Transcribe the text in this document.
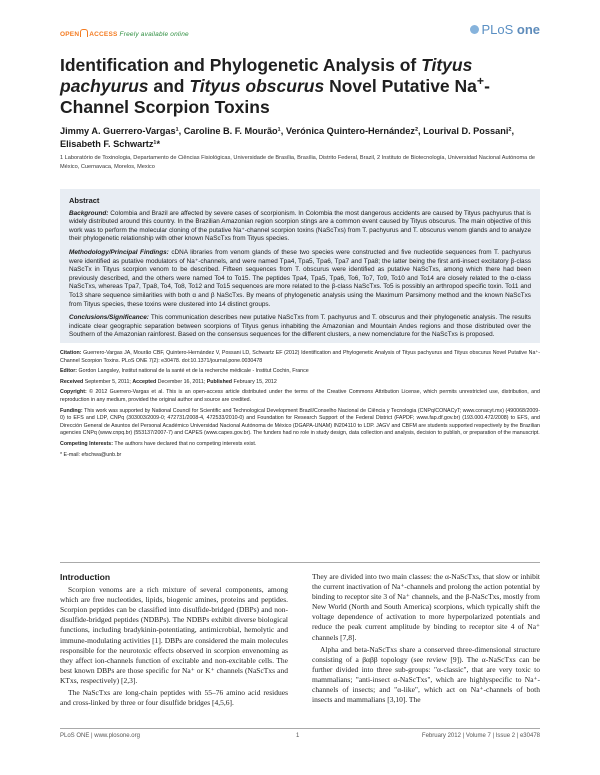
OPEN ACCESS Freely available online	PLoS one
Identification and Phylogenetic Analysis of Tityus pachyurus and Tityus obscurus Novel Putative Na+-Channel Scorpion Toxins
Jimmy A. Guerrero-Vargas¹, Caroline B. F. Mourão¹, Verónica Quintero-Hernández², Lourival D. Possani², Elisabeth F. Schwartz¹*
1 Laboratório de Toxinologia, Departamento de Ciências Fisiológicas, Universidade de Brasília, Brasília, Distrito Federal, Brazil, 2 Instituto de Biotecnología, Universidad Nacional Autónoma de México, Cuernavaca, Morelos, Mexico
Abstract

Background: Colombia and Brazil are affected by severe cases of scorpionism. In Colombia the most dangerous accidents are caused by Tityus pachyurus that is widely distributed around this country. In the Brazilian Amazonian region scorpion stings are a common event caused by Tityus obscurus. The main objective of this work was to perform the molecular cloning of the putative Na⁺-channel scorpion toxins (NaScTxs) from T. pachyurus and T. obscurus venom glands and to analyze their phylogenetic relationship with other known NaScTxs from Tityus species.

Methodology/Principal Findings: cDNA libraries from venom glands of these two species were constructed and five nucleotide sequences from T. pachyurus were identified as putative modulators of Na⁺-channels, and were named Tpa4, Tpa5, Tpa6, Tpa7 and Tpa8; the latter being the first anti-insect excitatory β-class NaScTx in Tityus scorpion venom to be described. Fifteen sequences from T. obscurus were identified as putative NaScTxs, among which there had been previously described, and the others were named To4 to To15. The peptides Tpa4, Tpa5, Tpa6, To6, To7, To9, To10 and To14 are closely related to the α-class NaScTxs, whereas Tpa7, Tpa8, To4, To8, To12 and To15 sequences are more related to the β-class NaScTxs. To5 is possibly an arthropod specific toxin. To11 and To13 share sequence similarities with both α and β NaScTxs. By means of phylogenetic analysis using the Maximum Parsimony method and the known NaScTxs from Tityus species, these toxins were clustered into 14 distinct groups.

Conclusions/Significance: This communication describes new putative NaScTxs from T. pachyurus and T. obscurus and their phylogenetic analysis. The results indicate clear geographic separation between scorpions of Tityus genus inhabiting the Amazonian and Mountain Andes regions and those distributed over the Southern of the Amazonian rainforest. Based on the consensus sequences for the different clusters, a new nomenclature for the NaScTxs is proposed.

Citation: Guerrero-Vargas JA, Mourão CBF, Quintero-Hernández V, Possani LD, Schwartz EF (2012) Identification and Phylogenetic Analysis of Tityus pachyurus and Tityus obscurus Novel Putative Na⁺-Channel Scorpion Toxins. PLoS ONE 7(2): e30478. doi:10.1371/journal.pone.0030478

Editor: Gordon Langsley, Institut national de la santé et de la recherche médicale - Institut Cochin, France

Received September 5, 2011; Accepted December 16, 2011; Published February 15, 2012

Copyright: © 2012 Guerrero-Vargas et al. This is an open-access article distributed under the terms of the Creative Commons Attribution License, which permits unrestricted use, distribution, and reproduction in any medium, provided the original author and source are credited.

Funding: This work was supported by National Council for Scientific and Technological Development Brazil/Conselho Nacional de Ciência y Tecnologia (CNPq/CONACyT; www.conacyt.mx) (490068/2009-0) to EFS and LDP, CNPq (303003/2009-0; 472731/2008-4, 472533/2010-0) and Foundation for Research Support of the Federal District (FAPDF; www.fap.df.gov.br) (193.000.472/2008) to EFS, and Dirección General de Asuntos del Personal Académico Universidad Nacional Autónoma de México (DGAPA-UNAM) IN204110 to LDP. JAGV and CBFM are students supported respectively by the Brazilian agencies CNPq (www.cnpq.br) (553137/2007-7) and CAPES (www.capes.gov.br). The funders had no role in study design, data collection and analysis, decision to publish, or preparation of the manuscript.

Competing Interests: The authors have declared that no competing interests exist.

* E-mail: efschwa@unb.br

Introduction

Scorpion venoms are a rich mixture of several components, among which are free nucleotides, lipids, biogenic amines, proteins and peptides. Scorpion peptides can be classified into disulfide-bridged (DBPs) and non-disulfide-bridged peptides (NDBPs). The NDBPs exhibit diverse biological functions, including bradykinin-potentiating, antimicrobial, hemolytic and immune-modulating activities [1]. DBPs are considered the main molecules responsible for the neurotoxic effects observed in scorpion envenoming as they affect ion-channels function of excitable and non-excitable cells. The best known DBPs are those specific for Na⁺ or K⁺ channels (NaScTxs and KTxs, respectively) [2,3].

The NaScTxs are long-chain peptides with 55–76 amino acid residues and cross-linked by three or four disulfide bridges [4,5,6].

They are divided into two main classes: the α-NaScTxs, that slow or inhibit the current inactivation of Na⁺-channels and prolong the action potential by binding to receptor site 3 of Na⁺ channels, and the β-NaScTxs, mostly from New World (North and South America) scorpions, which typically shift the voltage dependence of activation to more hyperpolarized potentials and reduce the peak current amplitude by binding to receptor site 4 of Na⁺ channels [7,8].

Alpha and beta-NaScTxs share a conserved three-dimensional structure consisting of a βαββ topology (see review [9]). The α-NaScTxs can be further divided into three sub-groups: "α-classic", that are very toxic to mammalians; "anti-insect α-NaScTxs", which are highlyspecific to Na⁺-channels of insects; and "α-like", which act on Na⁺-channels of both insects and mammalians [3,10]. The

PLoS ONE | www.plosone.org	1	February 2012 | Volume 7 | Issue 2 | e30478
